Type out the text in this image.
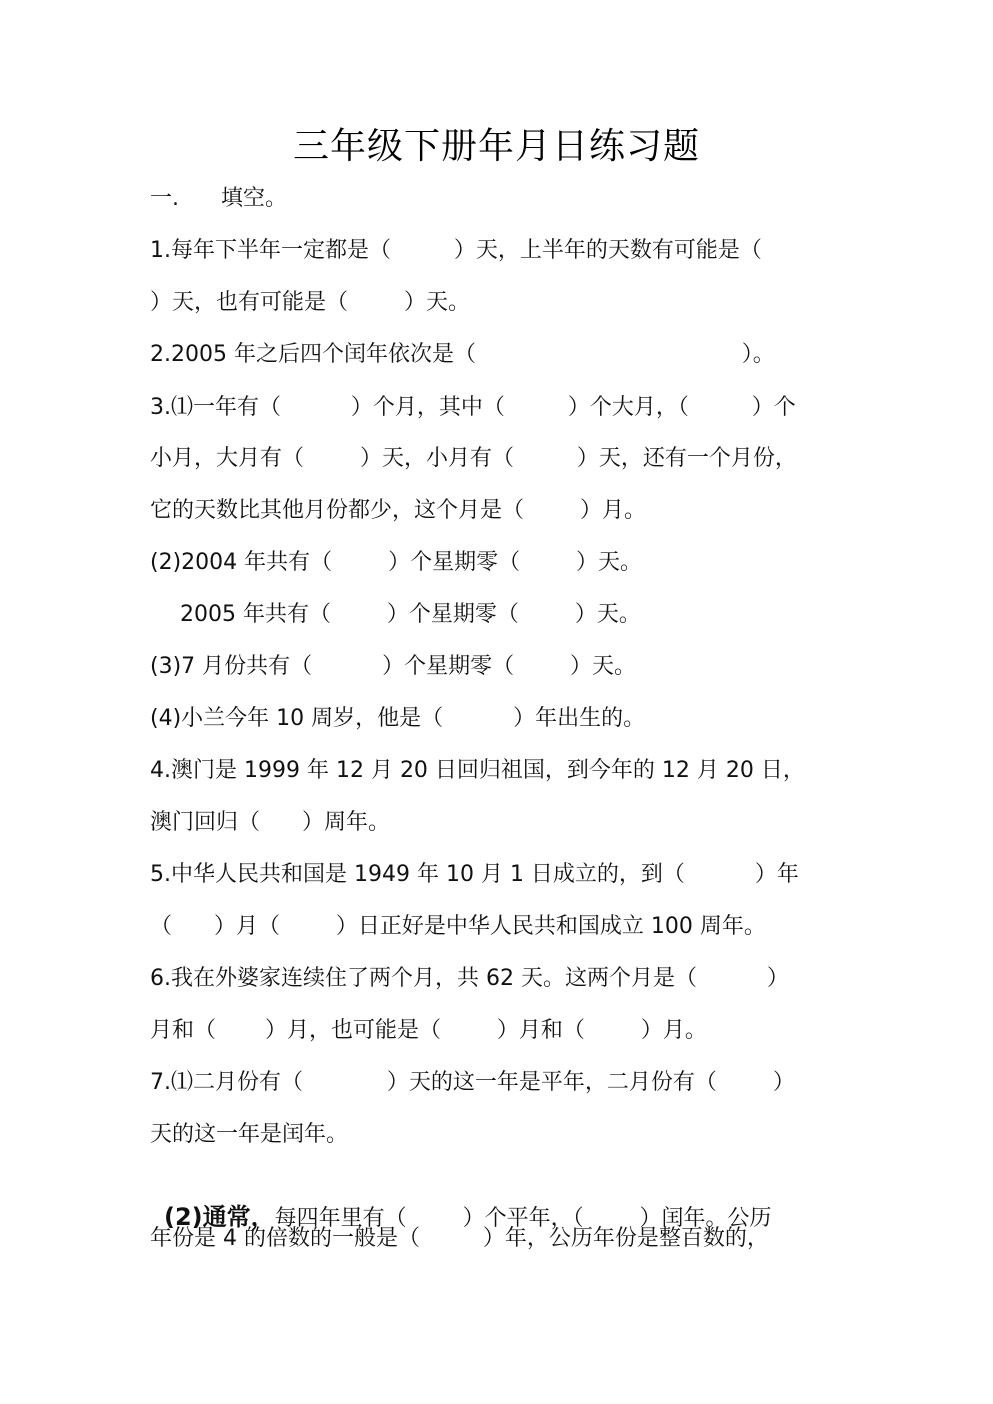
三年级下册年月日练习题
一.      填空。
1.每年下半年一定都是（         ）天，上半年的天数有可能是（
）天，也有可能是（        ）天。
2.2005 年之后四个闰年依次是（                                      ）。
3.⑴一年有（          ）个月，其中（         ）个大月，（         ）个
小月，大月有（        ）天，小月有（         ）天，还有一个月份，
它的天数比其他月份都少，这个月是（        ）月。
(2)2004 年共有（        ）个星期零（        ）天。
2005 年共有（        ）个星期零（        ）天。
(3)7 月份共有（          ）个星期零（        ）天。
(4)小兰今年 10 周岁，他是（          ）年出生的。
4.澳门是 1999 年 12 月 20 日回归祖国，到今年的 12 月 20 日，
澳门回归（      ）周年。
5.中华人民共和国是 1949 年 10 月 1 日成立的，到（          ）年
（      ）月（        ）日正好是中华人民共和国成立 100 周年。
6.我在外婆家连续住了两个月，共 62 天。这两个月是（          ）
月和（       ）月，也可能是（        ）月和（        ）月。
7.⑴二月份有（            ）天的这一年是平年，二月份有（        ）
天的这一年是闰年。

(2)通常，每四年里有（        ）个平年，（        ）闰年。公历

年份是 4 的倍数的一般是（         ）年，公历年份是整百数的，
